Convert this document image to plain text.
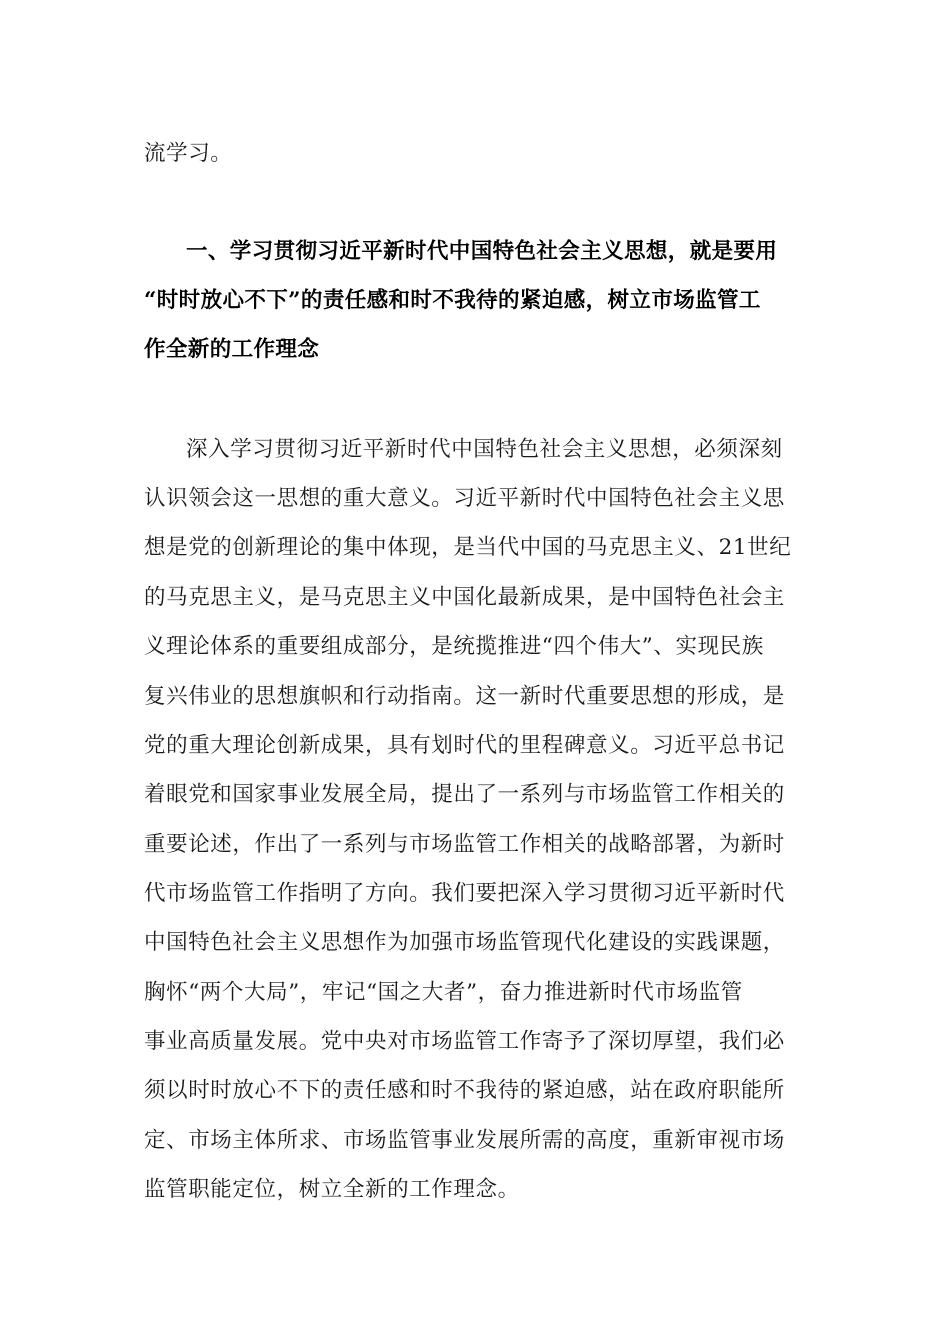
流学习。
一、学习贯彻习近平新时代中国特色社会主义思想，就是要用
“时时放心不下”的责任感和时不我待的紧迫感，树立市场监管工
作全新的工作理念
深入学习贯彻习近平新时代中国特色社会主义思想，必须深刻
认识领会这一思想的重大意义。习近平新时代中国特色社会主义思
想是党的创新理论的集中体现，是当代中国的马克思主义、21世纪
的马克思主义，是马克思主义中国化最新成果，是中国特色社会主
义理论体系的重要组成部分，是统揽推进“四个伟大”、实现民族
复兴伟业的思想旗帜和行动指南。这一新时代重要思想的形成，是
党的重大理论创新成果，具有划时代的里程碑意义。习近平总书记
着眼党和国家事业发展全局，提出了一系列与市场监管工作相关的
重要论述，作出了一系列与市场监管工作相关的战略部署，为新时
代市场监管工作指明了方向。我们要把深入学习贯彻习近平新时代
中国特色社会主义思想作为加强市场监管现代化建设的实践课题，
胸怀“两个大局”，牢记“国之大者”，奋力推进新时代市场监管
事业高质量发展。党中央对市场监管工作寄予了深切厚望，我们必
须以时时放心不下的责任感和时不我待的紧迫感，站在政府职能所
定、市场主体所求、市场监管事业发展所需的高度，重新审视市场
监管职能定位，树立全新的工作理念。
